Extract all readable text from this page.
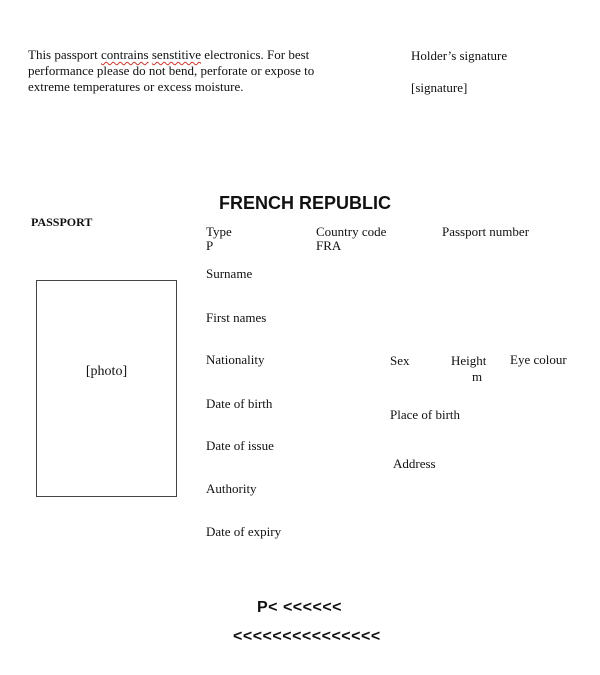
This passport contrains senstitive electronics. For best performance please do not bend, perforate or expose to extreme temperatures or excess moisture.
Holder’s signature
[signature]
FRENCH REPUBLIC
PASSPORT
[photo]
Type
P
Country code
FRA
Passport number
Surname
First names
Nationality
Date of birth
Date of issue
Authority
Date of expiry
Sex	Height
m
Eye colour
Place of birth
Address
P< <<<<<<
<<<<<<<<<<<<<<<
